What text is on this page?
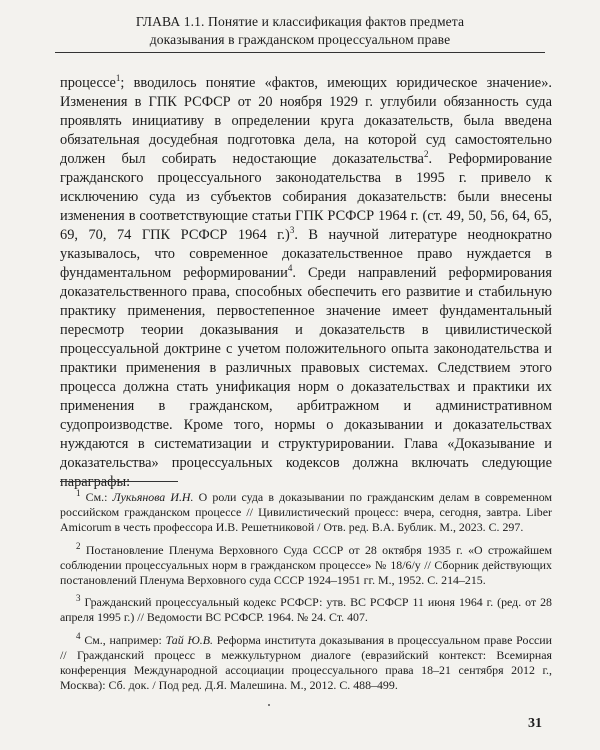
ГЛАВА 1.1. Понятие и классификация фактов предмета
доказывания в гражданском процессуальном праве

процессе$^1$; вводилось понятие «фактов, имеющих юридическое значение». Изменения в ГПК РСФСР от 20 ноября 1929 г. углубили обязанность суда проявлять инициативу в определении круга доказательств, была введена обязательная досудебная подготовка дела, на которой суд самостоятельно должен был собирать недостающие доказательства$^2$. Реформирование гражданского процессуального законодательства в 1995 г. привело к исключению суда из субъектов собирания доказательств: были внесены изменения в соответствующие статьи ГПК РСФСР 1964 г. (ст. 49, 50, 56, 64, 65, 69, 70, 74 ГПК РСФСР 1964 г.)$^3$. В научной литературе неоднократно указывалось, что современное доказательственное право нуждается в фундаментальном реформировании$^4$. Среди направлений реформирования доказательственного права, способных обеспечить его развитие и стабильную практику применения, первостепенное значение имеет фундаментальный пересмотр теории доказывания и доказательств в цивилистической процессуальной доктрине с учетом положительного опыта законодательства и практики применения в различных правовых системах. Следствием этого процесса должна стать унификация норм о доказательствах и практики их применения в гражданском, арбитражном и административном судопроизводстве. Кроме того, нормы о доказывании и доказательствах нуждаются в систематизации и структурировании. Глава «Доказывание и доказательства» процессуальных кодексов должна включать следующие параграфы:

$^1$ См.: Лукьянова И.Н. О роли суда в доказывании по гражданским делам в современном российском гражданском процессе // Цивилистический процесс: вчера, сегодня, завтра. Liber Amicorum в честь профессора И.В. Решетниковой / Отв. ред. В.А. Бублик. М., 2023. С. 297.

$^2$ Постановление Пленума Верховного Суда СССР от 28 октября 1935 г. «О строжайшем соблюдении процессуальных норм в гражданском процессе» № 18/6/у // Сборник действующих постановлений Пленума Верховного суда СССР 1924–1951 гг. М., 1952. С. 214–215.

$^3$ Гражданский процессуальный кодекс РСФСР: утв. ВС РСФСР 11 июня 1964 г. (ред. от 28 апреля 1995 г.) // Ведомости ВС РСФСР. 1964. № 24. Ст. 407.

$^4$ См., например: Тай Ю.В. Реформа института доказывания в процессуальном праве России // Гражданский процесс в межкультурном диалоге (евразийский контекст: Всемирная конференция Международной ассоциации процессуального права 18–21 сентября 2012 г., Москва): Сб. док. / Под ред. Д.Я. Малешина. М., 2012. С. 488–499.

31
